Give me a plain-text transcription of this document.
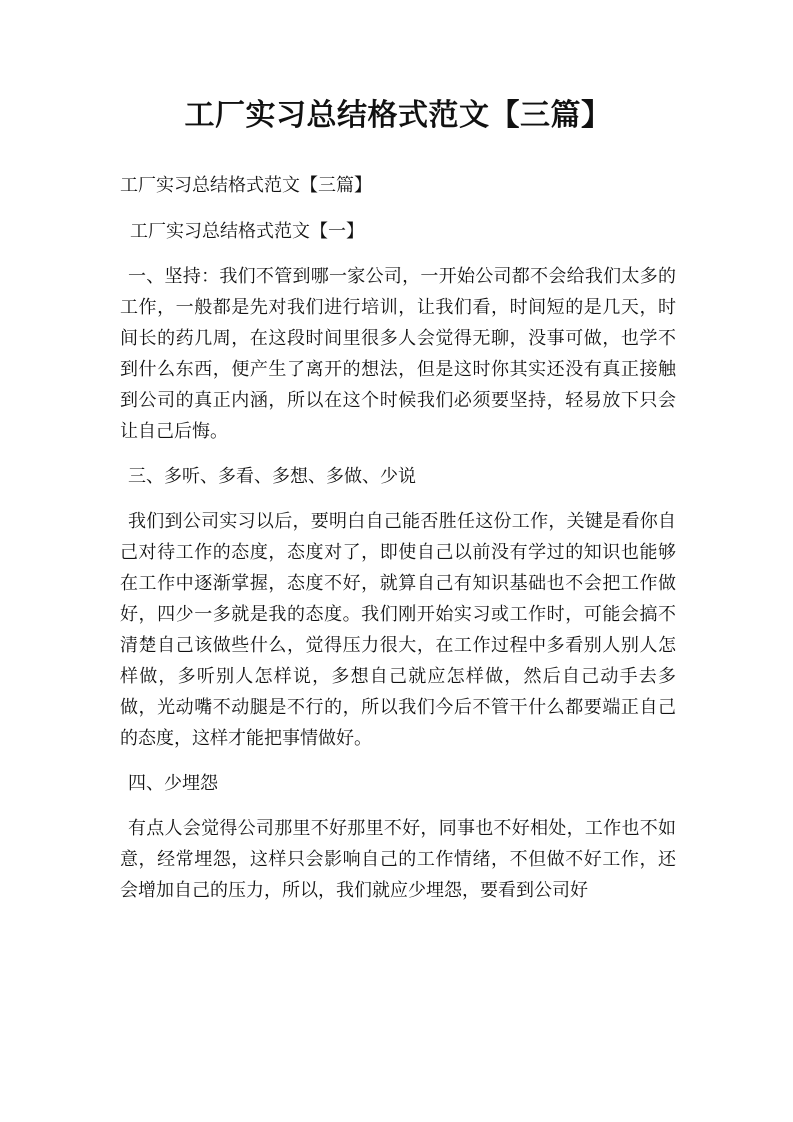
工厂实习总结格式范文【三篇】

工厂实习总结格式范文【三篇】

工厂实习总结格式范文【一】

一、坚持：我们不管到哪一家公司，一开始公司都不会给我们太多的工作，一般都是先对我们进行培训，让我们看，时间短的是几天，时间长的药几周，在这段时间里很多人会觉得无聊，没事可做，也学不到什么东西，便产生了离开的想法，但是这时你其实还没有真正接触到公司的真正内涵，所以在这个时候我们必须要坚持，轻易放下只会让自己后悔。

三、多听、多看、多想、多做、少说

我们到公司实习以后，要明白自己能否胜任这份工作，关键是看你自己对待工作的态度，态度对了，即使自己以前没有学过的知识也能够在工作中逐渐掌握，态度不好，就算自己有知识基础也不会把工作做好，四少一多就是我的态度。我们刚开始实习或工作时，可能会搞不清楚自己该做些什么，觉得压力很大，在工作过程中多看别人别人怎样做，多听别人怎样说，多想自己就应怎样做，然后自己动手去多做，光动嘴不动腿是不行的，所以我们今后不管干什么都要端正自己的态度，这样才能把事情做好。

四、少埋怨

有点人会觉得公司那里不好那里不好，同事也不好相处，工作也不如意，经常埋怨，这样只会影响自己的工作情绪，不但做不好工作，还会增加自己的压力，所以，我们就应少埋怨，要看到公司好
